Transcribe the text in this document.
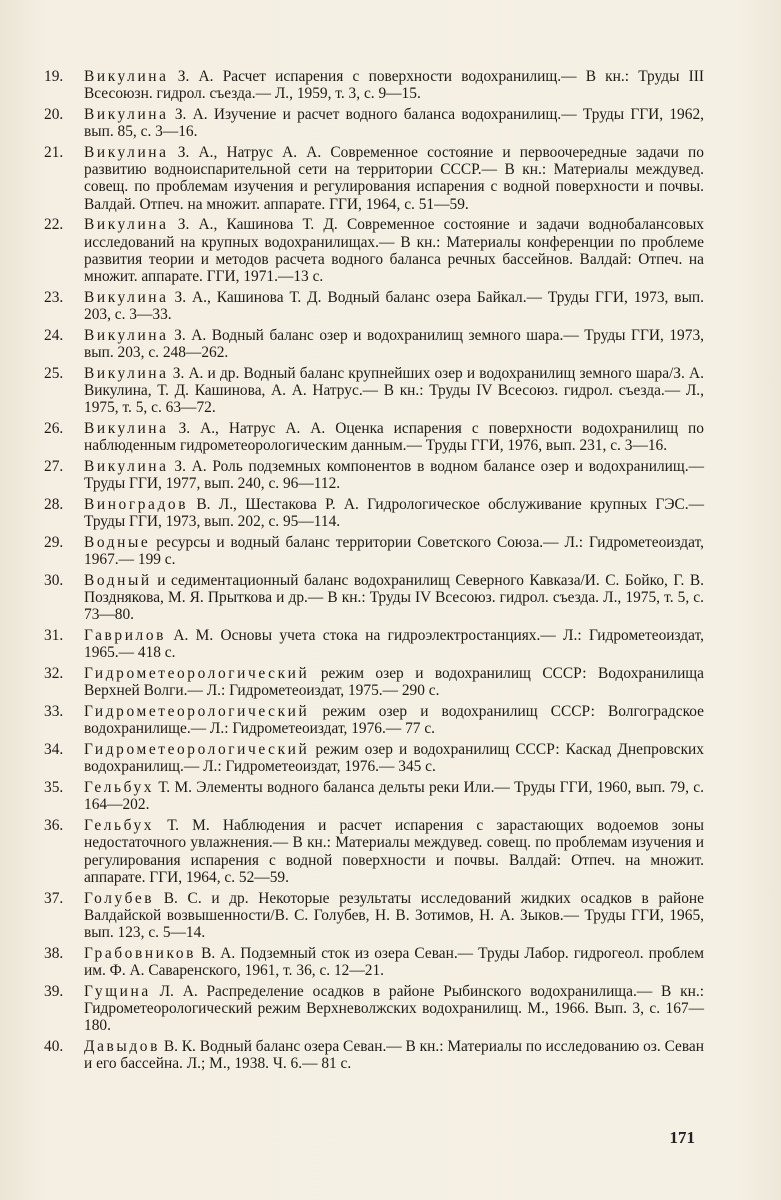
19.	Викулина З. А. Расчет испарения с поверхности водохранилищ.— В кн.: Труды III Всесоюзн. гидрол. съезда.— Л., 1959, т. 3, с. 9—15.
20.	Викулина З. А. Изучение и расчет водного баланса водохранилищ.— Труды ГГИ, 1962, вып. 85, с. 3—16.
21.	Викулина З. А., Натрус А. А. Современное состояние и первоочередные задачи по развитию водноиспарительной сети на территории СССР.— В кн.: Материалы междувед. совещ. по проблемам изучения и регулирования испарения с водной поверхности и почвы. Валдай. Отпеч. на множит. аппарате. ГГИ, 1964, с. 51—59.
22.	Викулина З. А., Кашинова Т. Д. Современное состояние и задачи воднобалансовых исследований на крупных водохранилищах.— В кн.: Материалы конференции по проблеме развития теории и методов расчета водного баланса речных бассейнов. Валдай: Отпеч. на множит. аппарате. ГГИ, 1971.—13 с.
23.	Викулина З. А., Кашинова Т. Д. Водный баланс озера Байкал.— Труды ГГИ, 1973, вып. 203, с. 3—33.
24.	Викулина З. А. Водный баланс озер и водохранилищ земного шара.— Труды ГГИ, 1973, вып. 203, с. 248—262.
25.	Викулина З. А. и др. Водный баланс крупнейших озер и водохранилищ земного шара/З. А. Викулина, Т. Д. Кашинова, А. А. Натрус.— В кн.: Труды IV Всесоюз. гидрол. съезда.— Л., 1975, т. 5, с. 63—72.
26.	Викулина З. А., Натрус А. А. Оценка испарения с поверхности водохранилищ по наблюденным гидрометеорологическим данным.— Труды ГГИ, 1976, вып. 231, с. 3—16.
27.	Викулина З. А. Роль подземных компонентов в водном балансе озер и водохранилищ.— Труды ГГИ, 1977, вып. 240, с. 96—112.
28.	Виноградов В. Л., Шестакова Р. А. Гидрологическое обслуживание крупных ГЭС.— Труды ГГИ, 1973, вып. 202, с. 95—114.
29.	Водные ресурсы и водный баланс территории Советского Союза.— Л.: Гидрометеоиздат, 1967.— 199 с.
30.	Водный и седиментационный баланс водохранилищ Северного Кавказа/И. С. Бойко, Г. В. Позднякова, М. Я. Прыткова и др.— В кн.: Труды IV Всесоюз. гидрол. съезда. Л., 1975, т. 5, с. 73—80.
31.	Гаврилов А. М. Основы учета стока на гидроэлектростанциях.— Л.: Гидрометеоиздат, 1965.— 418 с.
32.	Гидрометеорологический режим озер и водохранилищ СССР: Водохранилища Верхней Волги.— Л.: Гидрометеоиздат, 1975.— 290 с.
33.	Гидрометеорологический режим озер и водохранилищ СССР: Волгоградское водохранилище.— Л.: Гидрометеоиздат, 1976.— 77 с.
34.	Гидрометеорологический режим озер и водохранилищ СССР: Каскад Днепровских водохранилищ.— Л.: Гидрометеоиздат, 1976.— 345 с.
35.	Гельбух Т. М. Элементы водного баланса дельты реки Или.— Труды ГГИ, 1960, вып. 79, с. 164—202.
36.	Гельбух Т. М. Наблюдения и расчет испарения с зарастающих водоемов зоны недостаточного увлажнения.— В кн.: Материалы междувед. совещ. по проблемам изучения и регулирования испарения с водной поверхности и почвы. Валдай: Отпеч. на множит. аппарате. ГГИ, 1964, с. 52—59.
37.	Голубев В. С. и др. Некоторые результаты исследований жидких осадков в районе Валдайской возвышенности/В. С. Голубев, Н. В. Зотимов, Н. А. Зыков.— Труды ГГИ, 1965, вып. 123, с. 5—14.
38.	Грабовников В. А. Подземный сток из озера Севан.— Труды Лабор. гидрогеол. проблем им. Ф. А. Саваренского, 1961, т. 36, с. 12—21.
39.	Гущина Л. А. Распределение осадков в районе Рыбинского водохранилища.— В кн.: Гидрометеорологический режим Верхневолжских водохранилищ. М., 1966. Вып. 3, с. 167—180.
40.	Давыдов В. К. Водный баланс озера Севан.— В кн.: Материалы по исследованию оз. Севан и его бассейна. Л.; М., 1938. Ч. 6.— 81 с.
171
